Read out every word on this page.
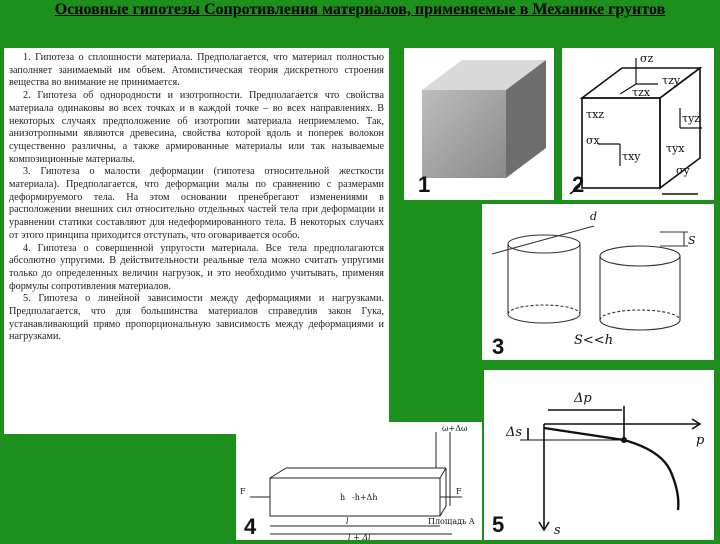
Основные гипотезы Сопротивления материалов, применяемые в Механике грунтов

1. Гипотеза о сплошности материала. Предполагается, что материал полностью заполняет занимаемый им объем. Атомистическая теория дискретного строения вещества во внимание не принимается.

2. Гипотеза об однородности и изотропности. Предполагается что свойства материала одинаковы во всех точках и в каждой точке – во всех направлениях. В некоторых случаях предположение об изотропии материала неприемлемо. Так, анизотропными являются древесина, свойства которой вдоль и поперек волокон существенно различны, а также армированные материалы или так называемые композиционные материалы.

3. Гипотеза о малости деформации (гипотеза относительной жесткости материала). Предполагается, что деформации малы по сравнению с размерами деформируемого тела. На этом основании пренебрегают изменениями в расположении внешних сил относительно отдельных частей тела при деформации и уравнении статики составляют для недеформированного тела. В некоторых случаях от этого принципа приходится отступать, что оговаривается особо.

4. Гипотеза о совершенной упругости материала. Все тела предполагаются абсолютно упругими. В действительности реальные тела можно считать упругими только до определенных величин нагрузок, и это необходимо учитывать, применяя формулы сопротивления материалов.

5. Гипотеза о линейной зависимости между деформациями и нагрузками. Предполагается, что для большинства материалов справедлив закон Гука, устанавливающий прямо пропорциональную зависимость между деформациями и нагрузками.

1
σz
τzx
τzy
τxz	τyz
σx
τxy
τyx
σy
2
d
S
S<<h
3
ω+Δω
h -h+Δh
F	F
Площадь A
l
l + Δl
4
Δp
Δs
p
s
5
